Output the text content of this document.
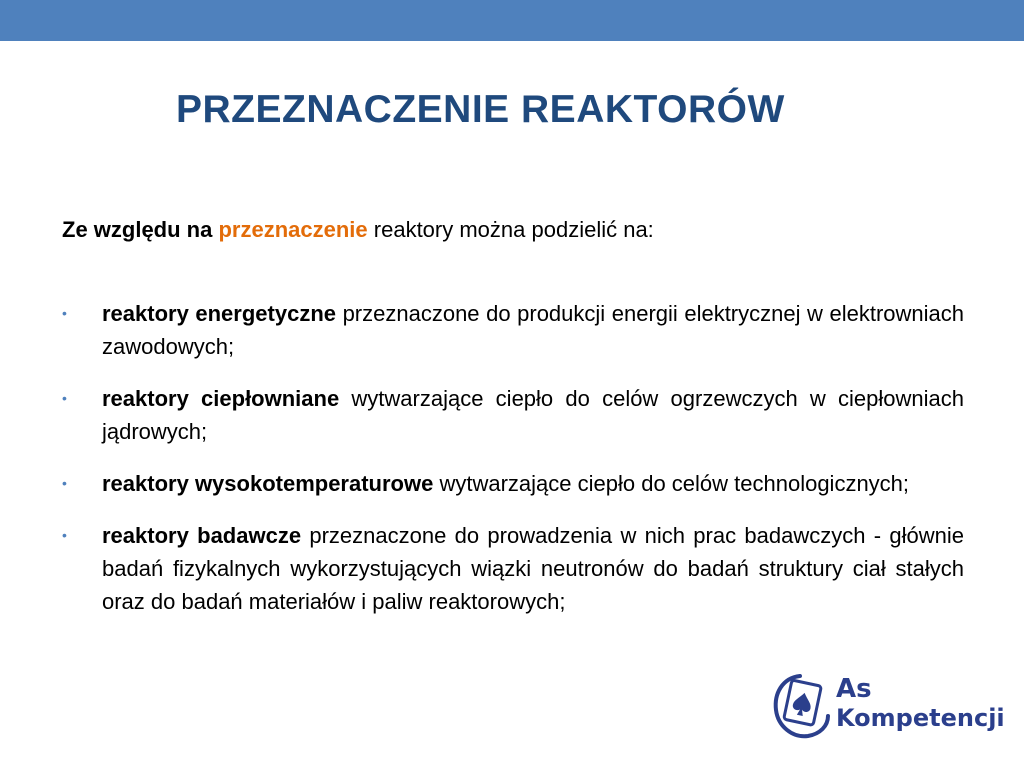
PRZEZNACZENIE REAKTORÓW

Ze względu na przeznaczenie reaktory można podzielić na:

•	reaktory energetyczne przeznaczone do produkcji energii elektrycznej w elektrowniach zawodowych;
•	reaktory ciepłowniane wytwarzające ciepło do celów ogrzewczych w ciepłowniach jądrowych;
•	reaktory wysokotemperaturowe wytwarzające ciepło do celów technologicznych;
•	reaktory badawcze przeznaczone do prowadzenia w nich prac badawczych - głównie badań fizykalnych wykorzystujących wiązki neutronów do badań struktury ciał stałych oraz do badań materiałów i paliw reaktorowych;
As
Kompetencji
